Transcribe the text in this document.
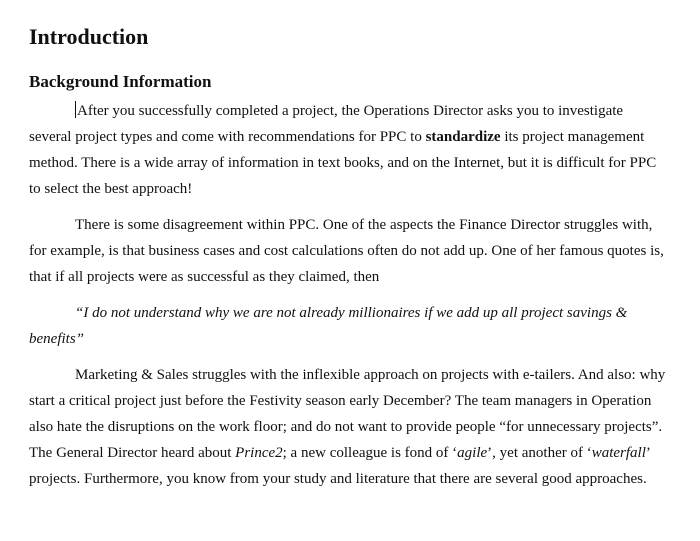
Introduction
Background Information

After you successfully completed a project, the Operations Director asks you to investigate several project types and come with recommendations for PPC to standardize its project management method. There is a wide array of information in text books, and on the Internet, but it is difficult for PPC to select the best approach!

There is some disagreement within PPC. One of the aspects the Finance Director struggles with, for example, is that business cases and cost calculations often do not add up. One of her famous quotes is, that if all projects were as successful as they claimed, then

“I do not understand why we are not already millionaires if we add up all project savings & benefits”

Marketing & Sales struggles with the inflexible approach on projects with e-tailers. And also: why start a critical project just before the Festivity season early December? The team managers in Operation also hate the disruptions on the work floor; and do not want to provide people “for unnecessary projects”. The General Director heard about Prince2; a new colleague is fond of ‘agile’, yet another of ‘waterfall’ projects. Furthermore, you know from your study and literature that there are several good approaches.
